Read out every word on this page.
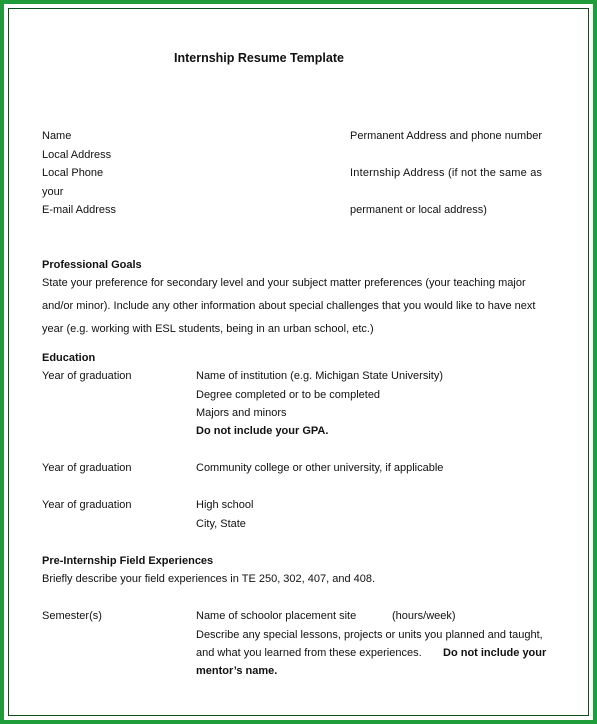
Internship Resume Template
Name	Permanent Address and phone number
Local Address
Local Phone	Internship Address (if not the same as
your
E-mail Address	permanent or local address)
Professional Goals
State your preference for secondary level and your subject matter preferences (your teaching major and/or minor). Include any other information about special challenges that you would like to have next year (e.g. working with ESL students, being in an urban school, etc.)
Education
Year of graduation	Name of institution (e.g. Michigan State University)
Degree completed or to be completed
Majors and minors
Do not include your GPA.
Year of graduation	Community college or other university, if applicable
Year of graduation	High school
City, State
Pre-Internship Field Experiences
Briefly describe your field experiences in TE 250, 302, 407, and 408.
Semester(s)	Name of schoolor placement site	(hours/week)
Describe any special lessons, projects or units you planned and taught,
and what you learned from these experiences. Do not include your
mentor’s name.
